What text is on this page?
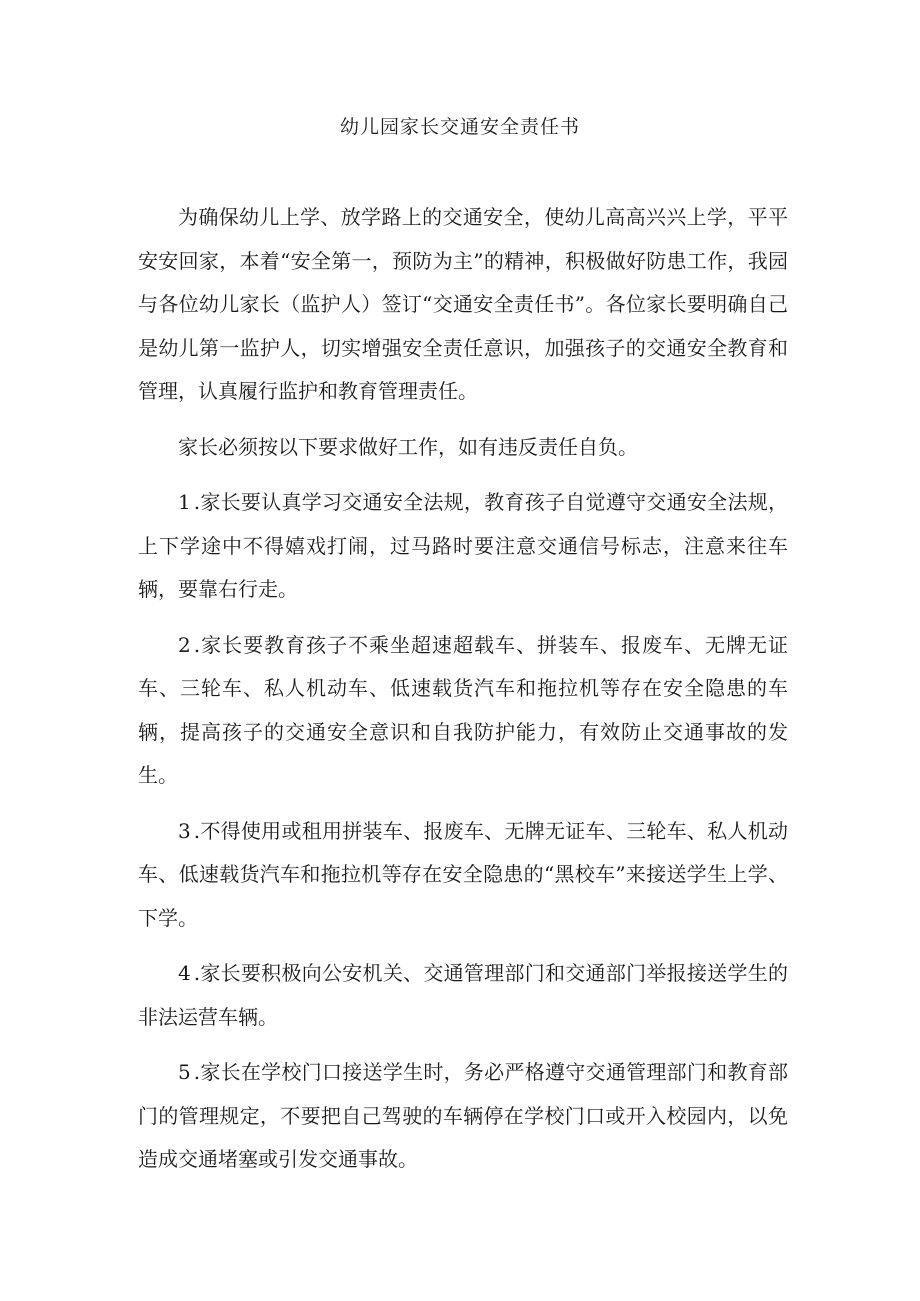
幼儿园家长交通安全责任书

为确保幼儿上学、放学路上的交通安全，使幼儿高高兴兴上学，平平安安回家，本着“安全第一，预防为主”的精神，积极做好防患工作，我园与各位幼儿家长（监护人）签订“交通安全责任书”。各位家长要明确自己是幼儿第一监护人，切实增强安全责任意识，加强孩子的交通安全教育和管理，认真履行监护和教育管理责任。

家长必须按以下要求做好工作，如有违反责任自负。

1.家长要认真学习交通安全法规，教育孩子自觉遵守交通安全法规，上下学途中不得嬉戏打闹，过马路时要注意交通信号标志，注意来往车辆，要靠右行走。

2.家长要教育孩子不乘坐超速超载车、拼装车、报废车、无牌无证车、三轮车、私人机动车、低速载货汽车和拖拉机等存在安全隐患的车辆，提高孩子的交通安全意识和自我防护能力，有效防止交通事故的发生。

3.不得使用或租用拼装车、报废车、无牌无证车、三轮车、私人机动车、低速载货汽车和拖拉机等存在安全隐患的“黑校车”来接送学生上学、下学。

4.家长要积极向公安机关、交通管理部门和交通部门举报接送学生的非法运营车辆。

5.家长在学校门口接送学生时，务必严格遵守交通管理部门和教育部门的管理规定，不要把自己驾驶的车辆停在学校门口或开入校园内，以免造成交通堵塞或引发交通事故。
